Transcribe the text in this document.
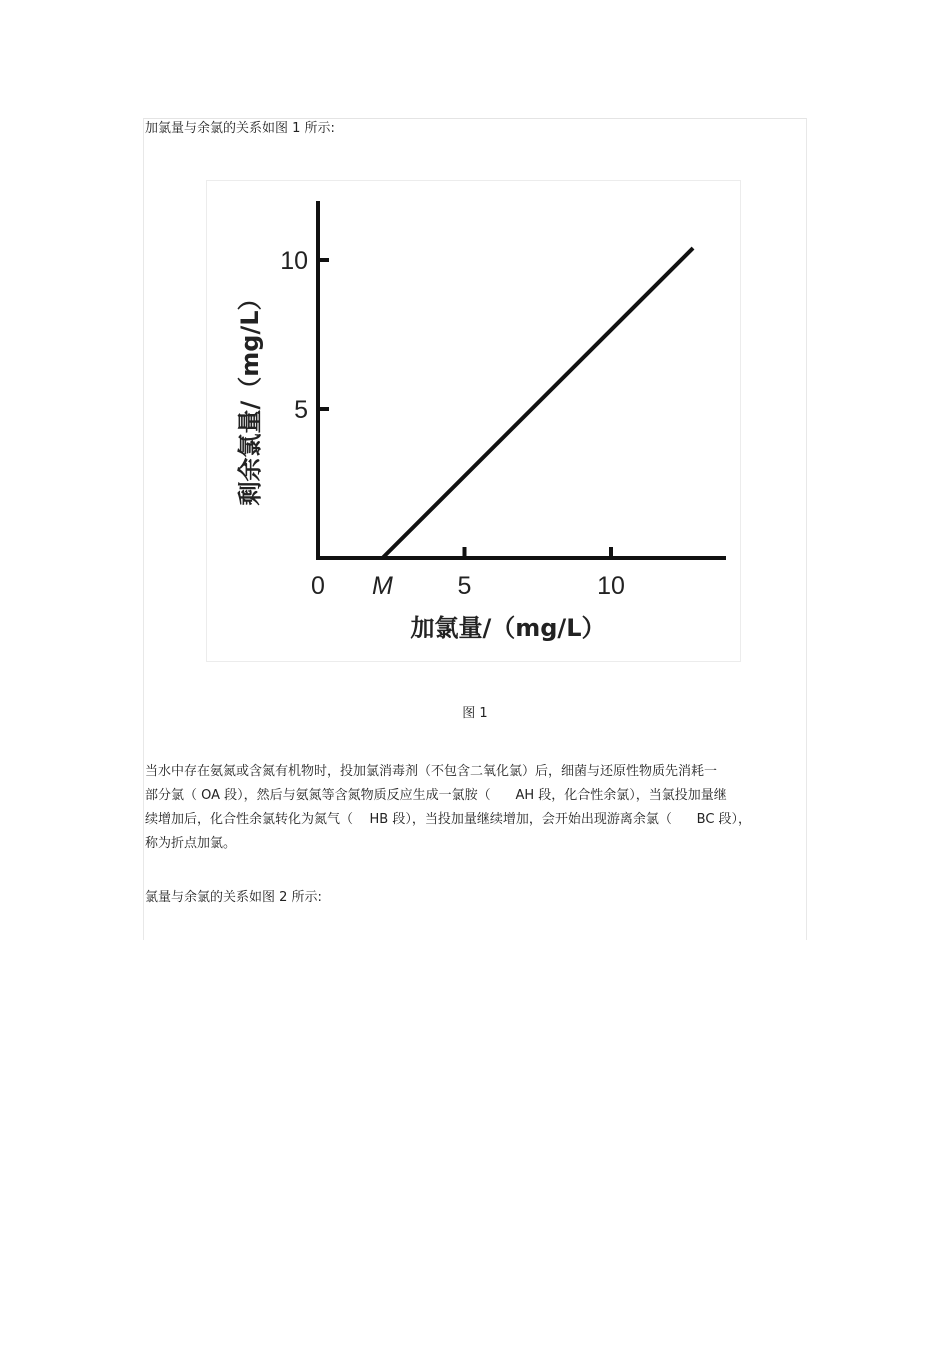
加氯量与余氯的关系如图 1 所示:
0 M	5	10
5
10
加氯量/（mg/L）
剩余氯量/（mg/L）
图 1
当水中存在氨氮或含氮有机物时，投加氯消毒剂（不包含二氧化氯）后，细菌与还原性物质先消耗一
部分氯（ OA 段），然后与氨氮等含氮物质反应生成一氯胺（      AH 段，化合性余氯），当氯投加量继
续增加后，化合性余氯转化为氮气（    HB 段），当投加量继续增加，会开始出现游离余氯（      BC 段），
称为折点加氯。
氯量与余氯的关系如图 2 所示:
